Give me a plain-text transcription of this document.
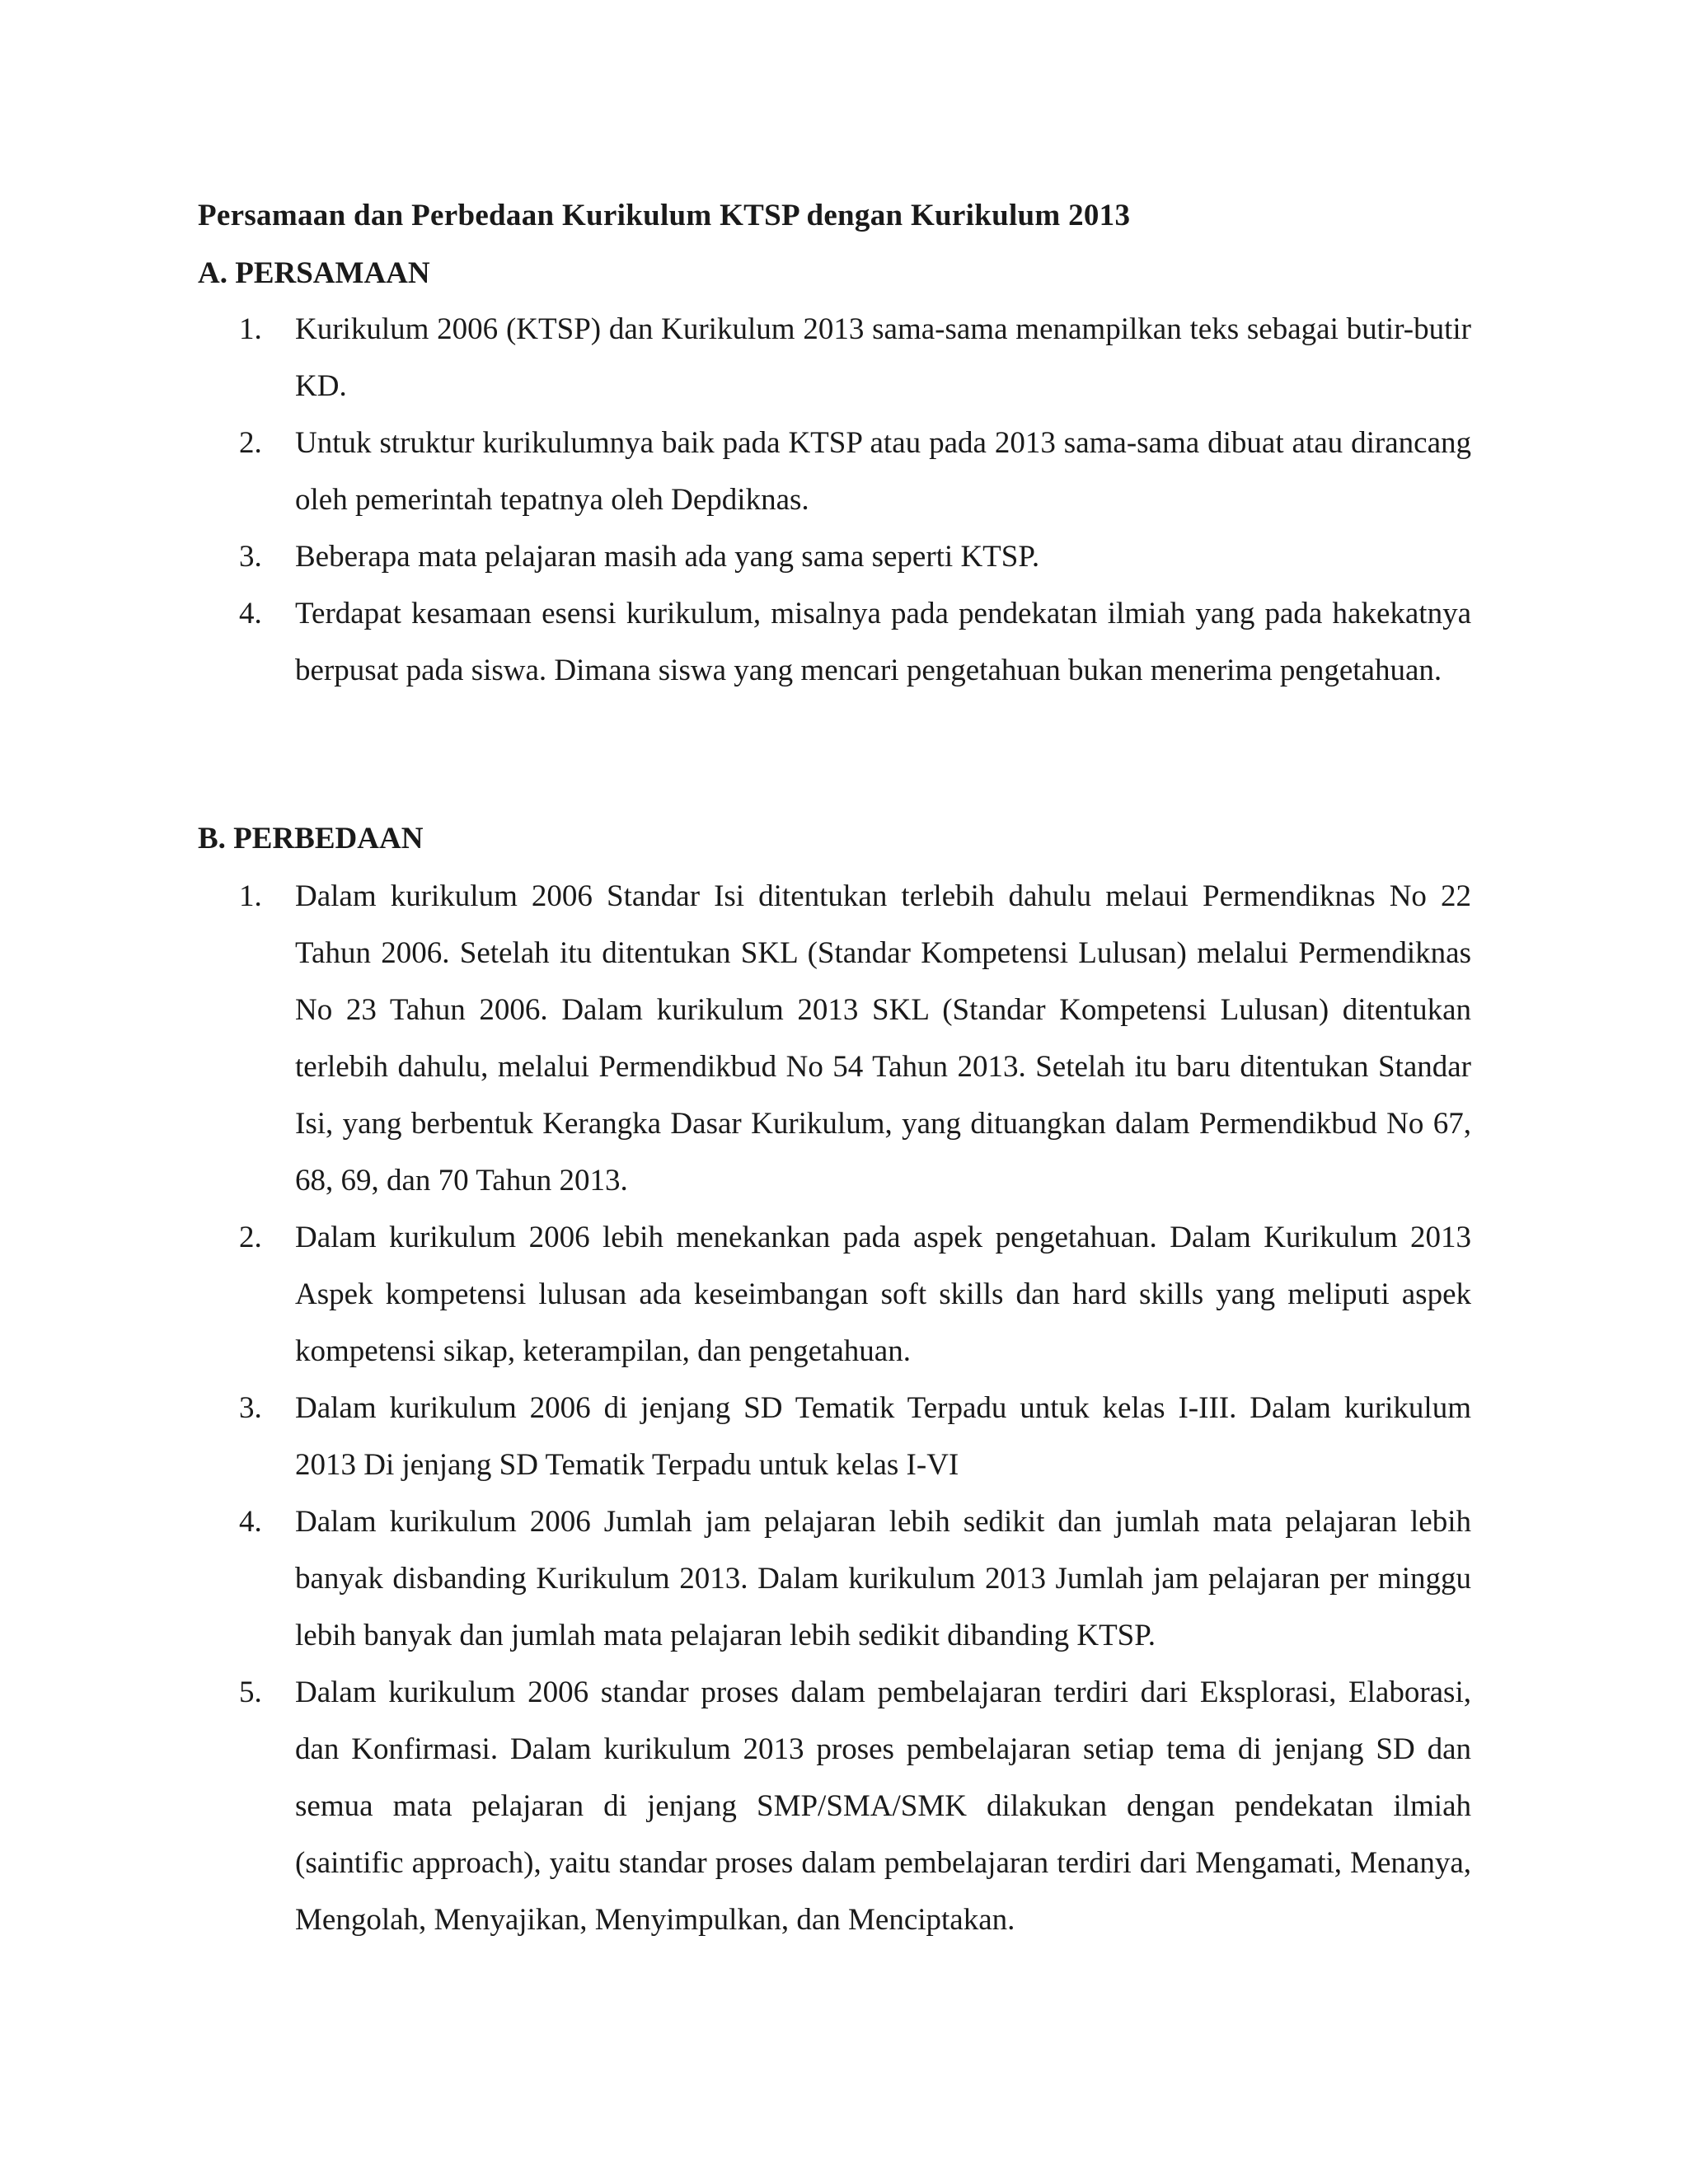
Persamaan dan Perbedaan Kurikulum KTSP dengan Kurikulum 2013
A. PERSAMAAN
1.	Kurikulum 2006 (KTSP) dan Kurikulum 2013 sama-sama menampilkan teks sebagai butir-butir KD.
2.	Untuk struktur kurikulumnya baik pada KTSP atau pada 2013 sama-sama dibuat atau dirancang oleh pemerintah tepatnya oleh Depdiknas.
3.	Beberapa mata pelajaran masih ada yang sama seperti KTSP.
4.	Terdapat kesamaan esensi kurikulum, misalnya pada pendekatan ilmiah yang pada hakekatnya berpusat pada siswa. Dimana siswa yang mencari pengetahuan bukan menerima pengetahuan.
B. PERBEDAAN
1.	Dalam kurikulum 2006 Standar Isi ditentukan terlebih dahulu melaui Permendiknas No 22 Tahun 2006. Setelah itu ditentukan SKL (Standar Kompetensi Lulusan) melalui Permendiknas No 23 Tahun 2006. Dalam kurikulum 2013 SKL (Standar Kompetensi Lulusan) ditentukan terlebih dahulu, melalui Permendikbud No 54 Tahun 2013. Setelah itu baru ditentukan Standar Isi, yang berbentuk Kerangka Dasar Kurikulum, yang dituangkan dalam Permendikbud No 67, 68, 69, dan 70 Tahun 2013.
2.	Dalam kurikulum 2006 lebih menekankan pada aspek pengetahuan. Dalam Kurikulum 2013 Aspek kompetensi lulusan ada keseimbangan soft skills dan hard skills yang meliputi aspek kompetensi sikap, keterampilan, dan pengetahuan.
3.	Dalam kurikulum 2006 di jenjang SD Tematik Terpadu untuk kelas I-III. Dalam kurikulum 2013 Di jenjang SD Tematik Terpadu untuk kelas I-VI
4.	Dalam kurikulum 2006 Jumlah jam pelajaran lebih sedikit dan jumlah mata pelajaran lebih banyak disbanding Kurikulum 2013. Dalam kurikulum 2013 Jumlah jam pelajaran per minggu lebih banyak dan jumlah mata pelajaran lebih sedikit dibanding KTSP.
5.	Dalam kurikulum 2006 standar proses dalam pembelajaran terdiri dari Eksplorasi, Elaborasi, dan Konfirmasi. Dalam kurikulum 2013 proses pembelajaran setiap tema di jenjang SD dan semua mata pelajaran di jenjang SMP/SMA/SMK dilakukan dengan pendekatan ilmiah (saintific approach), yaitu standar proses dalam pembelajaran terdiri dari Mengamati, Menanya, Mengolah, Menyajikan, Menyimpulkan, dan Menciptakan.
